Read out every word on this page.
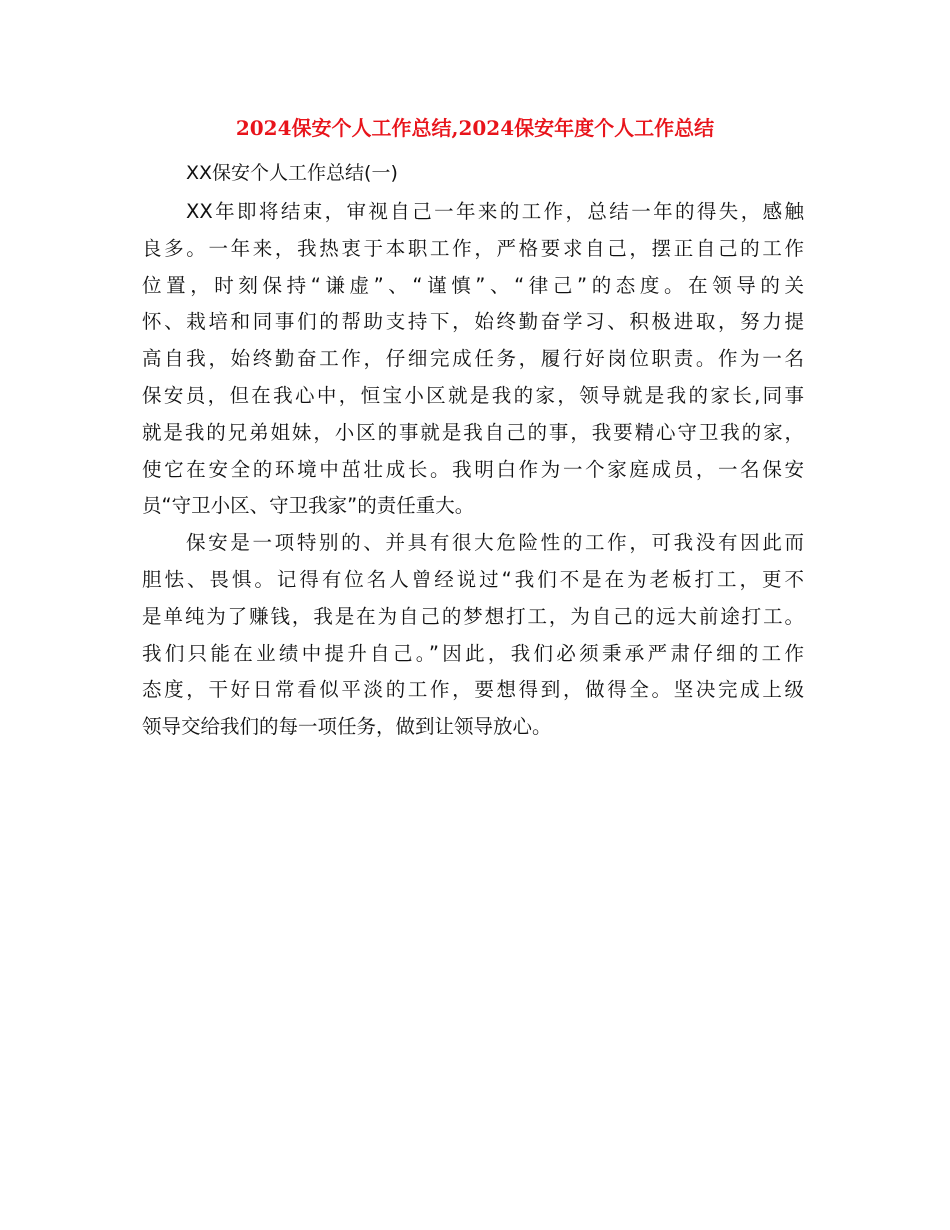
2024保安个人工作总结,2024保安年度个人工作总结

XX保安个人工作总结(一)

XX年即将结束，审视自己一年来的工作，总结一年的得失，感触
良多。一年来，我热衷于本职工作，严格要求自己，摆正自己的工作
位置，时刻保持“谦虚”、“谨慎”、“律己”的态度。在领导的关
怀、栽培和同事们的帮助支持下，始终勤奋学习、积极进取，努力提
高自我，始终勤奋工作，仔细完成任务，履行好岗位职责。作为一名
保安员，但在我心中，恒宝小区就是我的家，领导就是我的家长,同事
就是我的兄弟姐妹，小区的事就是我自己的事，我要精心守卫我的家，
使它在安全的环境中茁壮成长。我明白作为一个家庭成员，一名保安
员“守卫小区、守卫我家”的责任重大。
保安是一项特别的、并具有很大危险性的工作，可我没有因此而
胆怯、畏惧。记得有位名人曾经说过“我们不是在为老板打工，更不
是单纯为了赚钱，我是在为自己的梦想打工，为自己的远大前途打工。
我们只能在业绩中提升自己。”因此，我们必须秉承严肃仔细的工作
态度，干好日常看似平淡的工作，要想得到，做得全。坚决完成上级
领导交给我们的每一项任务，做到让领导放心。
